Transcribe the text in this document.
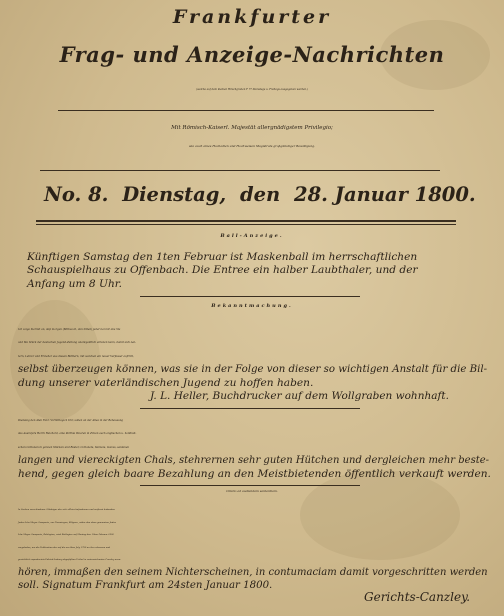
Frankfurter
Frag- und Anzeige-Nachrichten
(welche auf dem kleinen Hirschgraben F 77 Dienstags u. Freitags ausgegeben werden.)
Mit Römisch-Kaiserl. Majestät allergnädigstem Privilegio;
wie auch eines Hochedlen und Hochweisen Magistrats großgünstiger Bewilligung.
No. 8. Dienstag, den 28. Januar 1800.
Ball-Anzeige.
Künftigen Samstag den 1ten Februar ist Maskenball im herrschaftlichen
Schauspielhaus zu Offenbach. Die Entree ein halber Laubthaler, und der
Anfang um 8 Uhr.
Bekanntmachung.
Ich zeige hiermit an, daß morgen (Mittwoch, den 29ten) jeder bei mir das 5te
und 6te Stück der deutschen Jugend-Zeitung unentgeldlich abholen kann, damit sich Ael-
tern, Lehrer und Erzieher aus diesen Blättern, mit welchen ein neuer Verfasser auftritt,
selbst überzeugen können, was sie in der Folge von dieser so wichtigen Anstalt für die Bil-
dung unserer vaterländischen Jugend zu hoffen haben.
J. L. Heller, Buchdrucker auf dem Wollgraben wohnhaft.
Dienstag den 4ten Febr. Vormittags 9 Uhr, sollen an der Allee in der Behausung
des Ausrufers Herrn Reichard, eine Parthie Waaren in Zitzen auch englischen u. holländi-
schen Cattunen in ganzen Stücken und Rester, Cottonets, Siamois, Golcas, seidenen
langen und viereckigten Chals, stehrernen sehr guten Hütchen und dergleichen mehr beste-
hend, gegen gleich baare Bezahlung an den Meistbietenden öffentlich verkauft werden.
Citatio ad audiendam sententiam.
In Sachen verschiedener Gläubiger des sich allhier befundenen und entfernt habenden
Juden Löw Meyer Gompertz, aus Neuwiegen, Klägern, wider den eben genannten Juden
Löw Mayer Gompertz, Beklagten, wird Beklagter auf Montag den 10ten Februar 1800
vorgeladen, um die Publication der auf die am 8ten July 1799 an ihn erlassene und
gerichtlich reproducirte Edictal-Ladung abgefaßten Urthel in unterzeichneter Canzley anzu-
hören, immaßen den seinem Nichterscheinen, in contumaciam damit vorgeschritten werden
soll. Signatum Frankfurt am 24sten Januar 1800.
Gerichts-Canzley.
